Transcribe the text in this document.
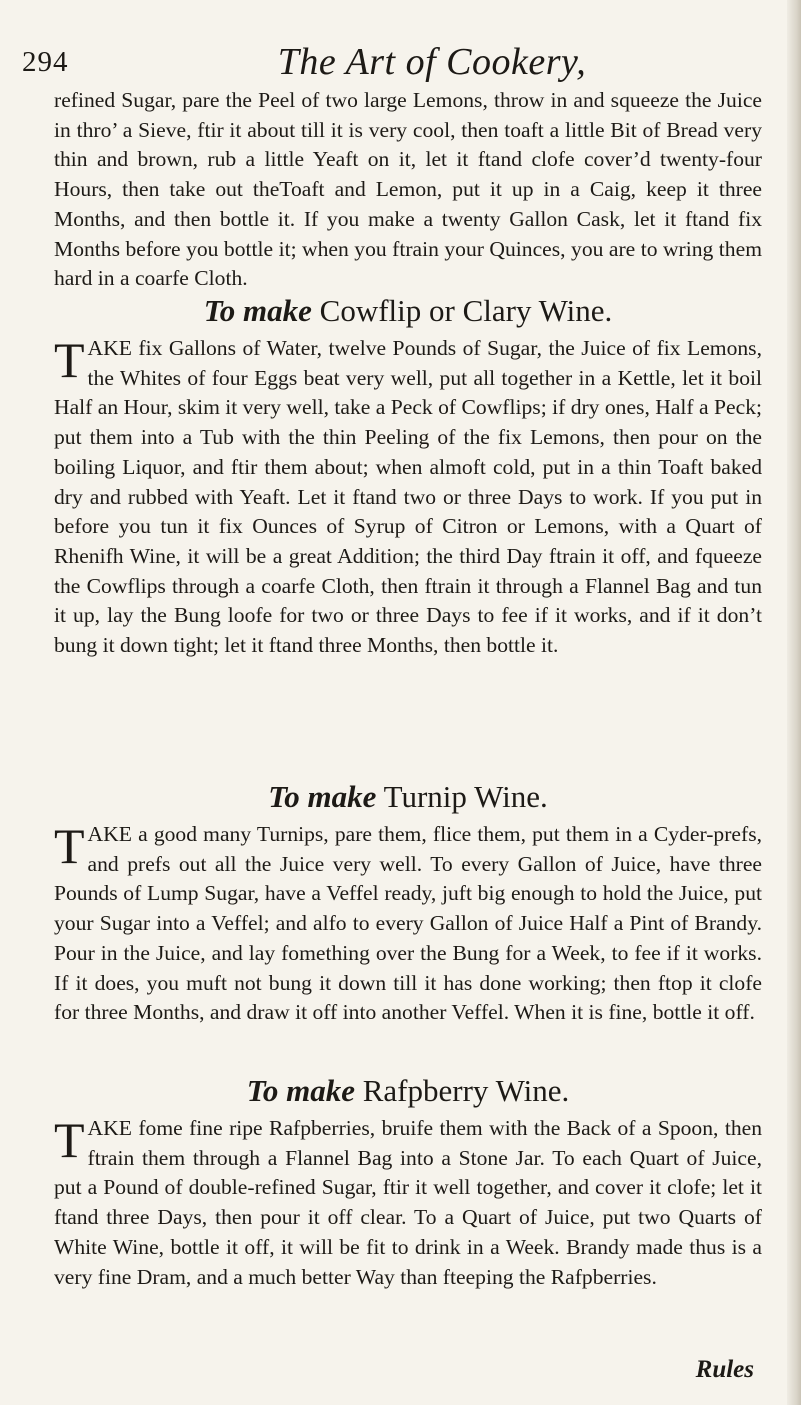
294	The Art of Cookery,

refined Sugar, pare the Peel of two large Lemons, throw in and squeeze the Juice in thro’ a Sieve, ftir it about till it is very cool, then toaft a little Bit of Bread very thin and brown, rub a little Yeaft on it, let it ftand clofe cover’d twenty-four Hours, then take out theToaft and Lemon, put it up in a Caig, keep it three Months, and then bottle it. If you make a twenty Gallon Cask, let it ftand fix Months before you bottle it; when you ftrain your Quinces, you are to wring them hard in a coarfe Cloth.

To make Cowflip or Clary Wine.

TAKE fix Gallons of Water, twelve Pounds of Sugar, the Juice of fix Lemons, the Whites of four Eggs beat very well, put all together in a Kettle, let it boil Half an Hour, skim it very well, take a Peck of Cowflips; if dry ones, Half a Peck; put them into a Tub with the thin Peeling of the fix Lemons, then pour on the boiling Liquor, and ftir them about; when almoft cold, put in a thin Toaft baked dry and rubbed with Yeaft. Let it ftand two or three Days to work. If you put in before you tun it fix Ounces of Syrup of Citron or Lemons, with a Quart of Rhenifh Wine, it will be a great Addition; the third Day ftrain it off, and fqueeze the Cowflips through a coarfe Cloth, then ftrain it through a Flannel Bag and tun it up, lay the Bung loofe for two or three Days to fee if it works, and if it don’t bung it down tight; let it ftand three Months, then bottle it.

To make Turnip Wine.

TAKE a good many Turnips, pare them, flice them, put them in a Cyder-prefs, and prefs out all the Juice very well. To every Gallon of Juice, have three Pounds of Lump Sugar, have a Veffel ready, juft big enough to hold the Juice, put your Sugar into a Veffel; and alfo to every Gallon of Juice Half a Pint of Brandy. Pour in the Juice, and lay fomething over the Bung for a Week, to fee if it works. If it does, you muft not bung it down till it has done working; then ftop it clofe for three Months, and draw it off into another Veffel. When it is fine, bottle it off.

To make Rafpberry Wine.

TAKE fome fine ripe Rafpberries, bruife them with the Back of a Spoon, then ftrain them through a Flannel Bag into a Stone Jar. To each Quart of Juice, put a Pound of double-refined Sugar, ftir it well together, and cover it clofe; let it ftand three Days, then pour it off clear. To a Quart of Juice, put two Quarts of White Wine, bottle it off, it will be fit to drink in a Week. Brandy made thus is a very fine Dram, and a much better Way than fteeping the Rafpberries.

Rules
